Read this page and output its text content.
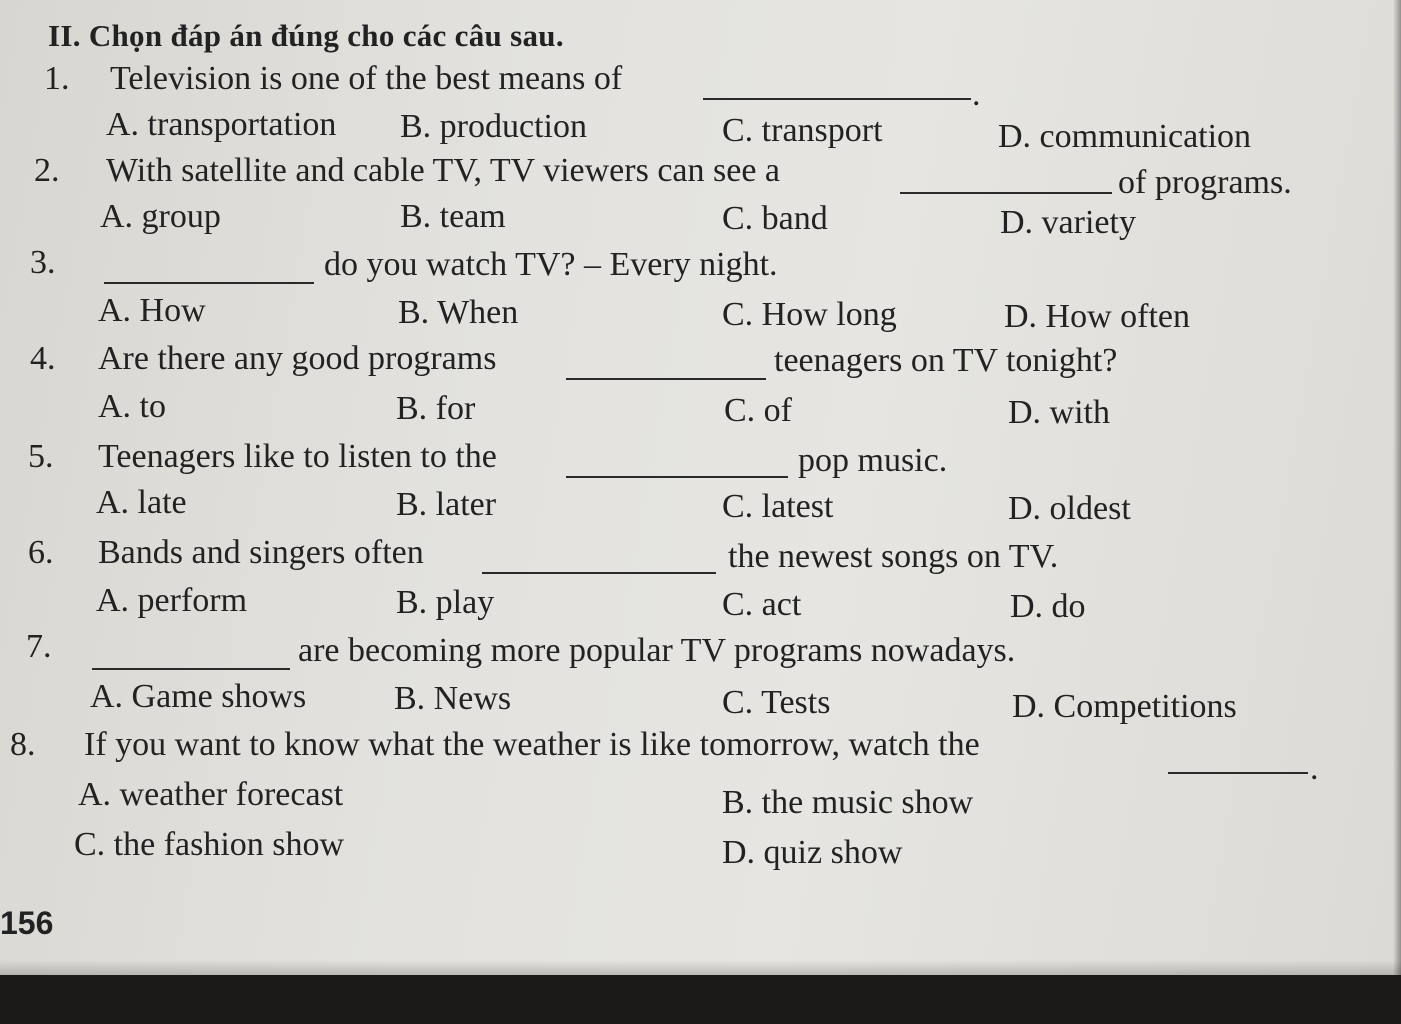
II. Chọn đáp án đúng cho các câu sau.
1. Television is one of the best means of	.
A. transportation B. production	C. transport	D. communication
2. With satellite and cable TV, TV viewers can see a	of programs.
A. group	B. team	C. band	D. variety
3.	do you watch TV? – Every night.
A. How	B. When	C. How long	D. How often
4. Are there any good programs	teenagers on TV tonight?
A. to	B. for	C. of	D. with
5. Teenagers like to listen to the	pop music.
A. late	B. later	C. latest	D. oldest
6. Bands and singers often	the newest songs on TV.
A. perform	B. play	C. act	D. do
7.	are becoming more popular TV programs nowadays.
A. Game shows	B. News	C. Tests	D. Competitions
8. If you want to know what the weather is like tomorrow, watch the
.
A. weather forecast	B. the music show
C. the fashion show	D. quiz show
156
